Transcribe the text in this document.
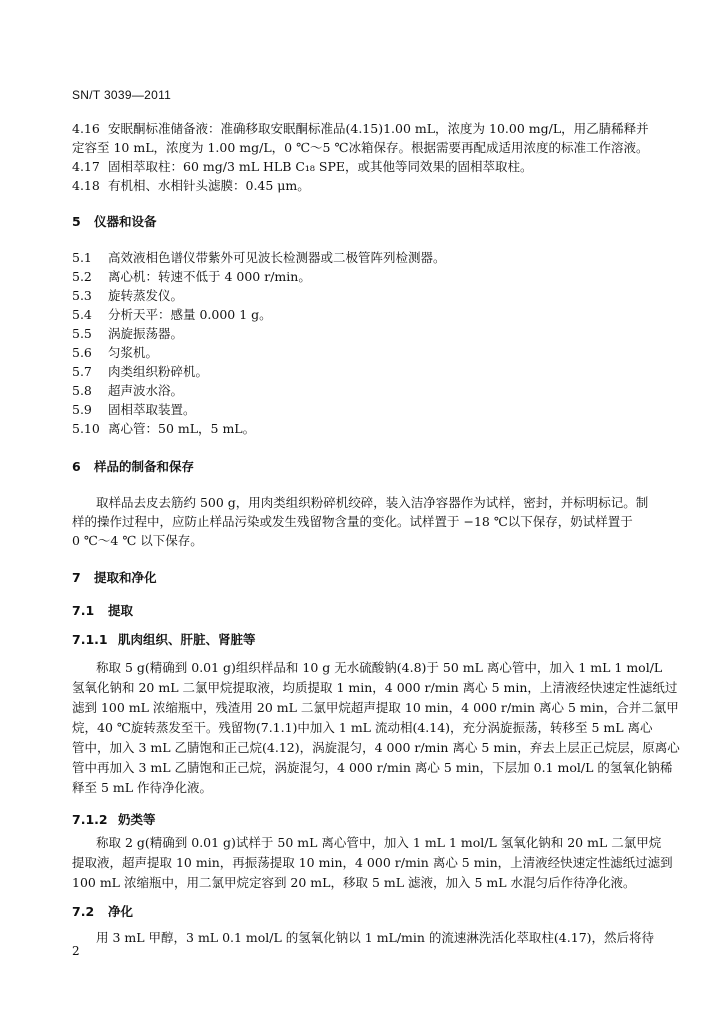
SN/T 3039—2011
4.16 安眠酮标准储备液：准确移取安眠酮标准品(4.15)1.00 mL，浓度为 10.00 mg/L，用乙腈稀释并
定容至 10 mL，浓度为 1.00 mg/L，0 ℃～5 ℃冰箱保存。根据需要再配成适用浓度的标准工作溶液。
4.17 固相萃取柱：60 mg/3 mL HLB C₁₈ SPE，或其他等同效果的固相萃取柱。
4.18 有机相、水相针头滤膜：0.45 μm。
5 仪器和设备
5.1 高效液相色谱仪带紫外可见波长检测器或二极管阵列检测器。
5.2 离心机：转速不低于 4 000 r/min。
5.3 旋转蒸发仪。
5.4 分析天平：感量 0.000 1 g。
5.5 涡旋振荡器。
5.6 匀浆机。
5.7 肉类组织粉碎机。
5.8 超声波水浴。
5.9 固相萃取装置。
5.10 离心管：50 mL，5 mL。
6 样品的制备和保存
取样品去皮去筋约 500 g，用肉类组织粉碎机绞碎，装入洁净容器作为试样，密封，并标明标记。制
样的操作过程中，应防止样品污染或发生残留物含量的变化。试样置于 −18 ℃以下保存，奶试样置于
0 ℃～4 ℃ 以下保存。
7 提取和净化
7.1 提取
7.1.1 肌肉组织、肝脏、肾脏等
称取 5 g(精确到 0.01 g)组织样品和 10 g 无水硫酸钠(4.8)于 50 mL 离心管中，加入 1 mL 1 mol/L
氢氧化钠和 20 mL 二氯甲烷提取液，均质提取 1 min，4 000 r/min 离心 5 min，上清液经快速定性滤纸过
滤到 100 mL 浓缩瓶中，残渣用 20 mL 二氯甲烷超声提取 10 min，4 000 r/min 离心 5 min，合并二氯甲
烷，40 ℃旋转蒸发至干。残留物(7.1.1)中加入 1 mL 流动相(4.14)，充分涡旋振荡，转移至 5 mL 离心
管中，加入 3 mL 乙腈饱和正己烷(4.12)，涡旋混匀，4 000 r/min 离心 5 min，弃去上层正己烷层，原离心
管中再加入 3 mL 乙腈饱和正己烷，涡旋混匀，4 000 r/min 离心 5 min，下层加 0.1 mol/L 的氢氧化钠稀
释至 5 mL 作待净化液。
7.1.2 奶类等
称取 2 g(精确到 0.01 g)试样于 50 mL 离心管中，加入 1 mL 1 mol/L 氢氧化钠和 20 mL 二氯甲烷
提取液，超声提取 10 min，再振荡提取 10 min，4 000 r/min 离心 5 min，上清液经快速定性滤纸过滤到
100 mL 浓缩瓶中，用二氯甲烷定容到 20 mL，移取 5 mL 滤液，加入 5 mL 水混匀后作待净化液。
7.2 净化
用 3 mL 甲醇，3 mL 0.1 mol/L 的氢氧化钠以 1 mL/min 的流速淋洗活化萃取柱(4.17)，然后将待
2
